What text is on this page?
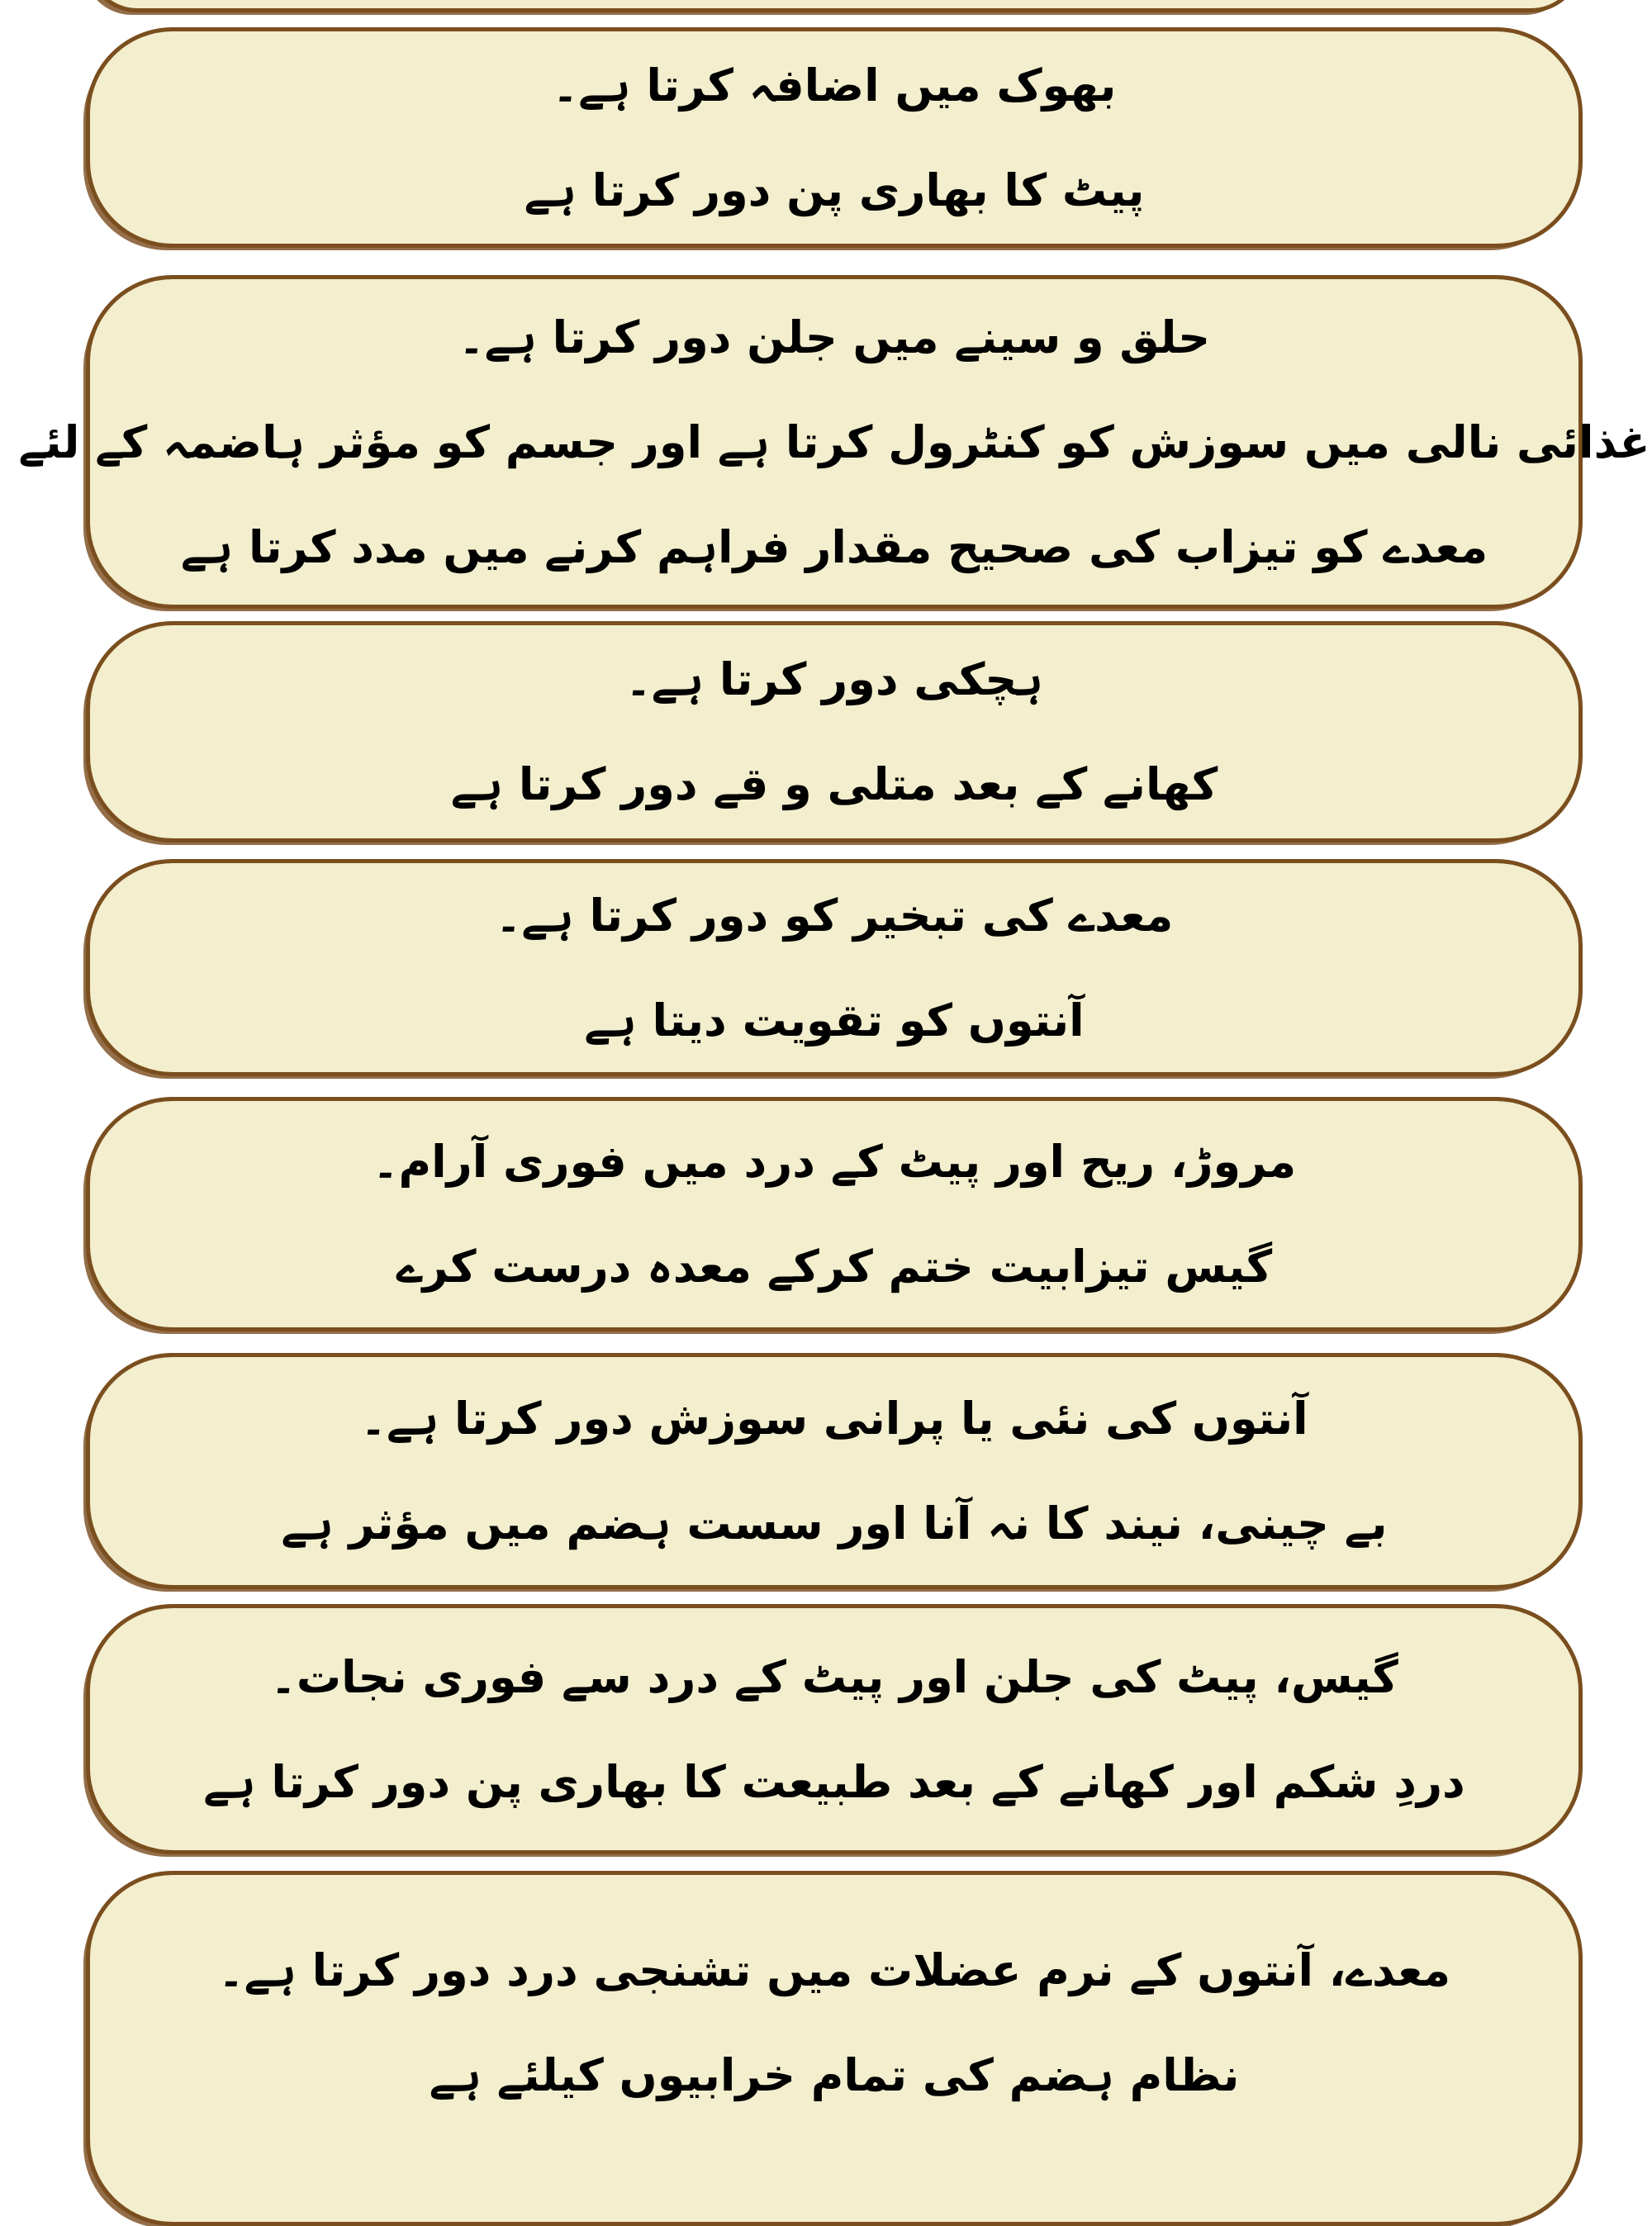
بھوک میں اضافہ کرتا ہے۔
پیٹ کا بھاری پن دور کرتا ہے
حلق و سینے میں جلن دور کرتا ہے۔
غذائی نالی میں سوزش کو کنٹرول کرتا ہے اور جسم کو مؤثر ہاضمہ کے لئے
معدے کو تیزاب کی صحیح مقدار فراہم کرنے میں مدد کرتا ہے
ہچکی دور کرتا ہے۔
کھانے کے بعد متلی و قے دور کرتا ہے
معدے کی تبخیر کو دور کرتا ہے۔
آنتوں کو تقویت دیتا ہے
مروڑ، ریح اور پیٹ کے درد میں فوری آرام۔
گیس تیزابیت ختم کرکے معدہ درست کرے
آنتوں کی نئی یا پرانی سوزش دور کرتا ہے۔
بے چینی، نیند کا نہ آنا اور سست ہضم میں مؤثر ہے
گیس، پیٹ کی جلن اور پیٹ کے درد سے فوری نجات۔
دردِ شکم اور کھانے کے بعد طبیعت کا بھاری پن دور کرتا ہے
معدے، آنتوں کے نرم عضلات میں تشنجی درد دور کرتا ہے۔
نظام ہضم کی تمام خرابیوں کیلئے ہے
